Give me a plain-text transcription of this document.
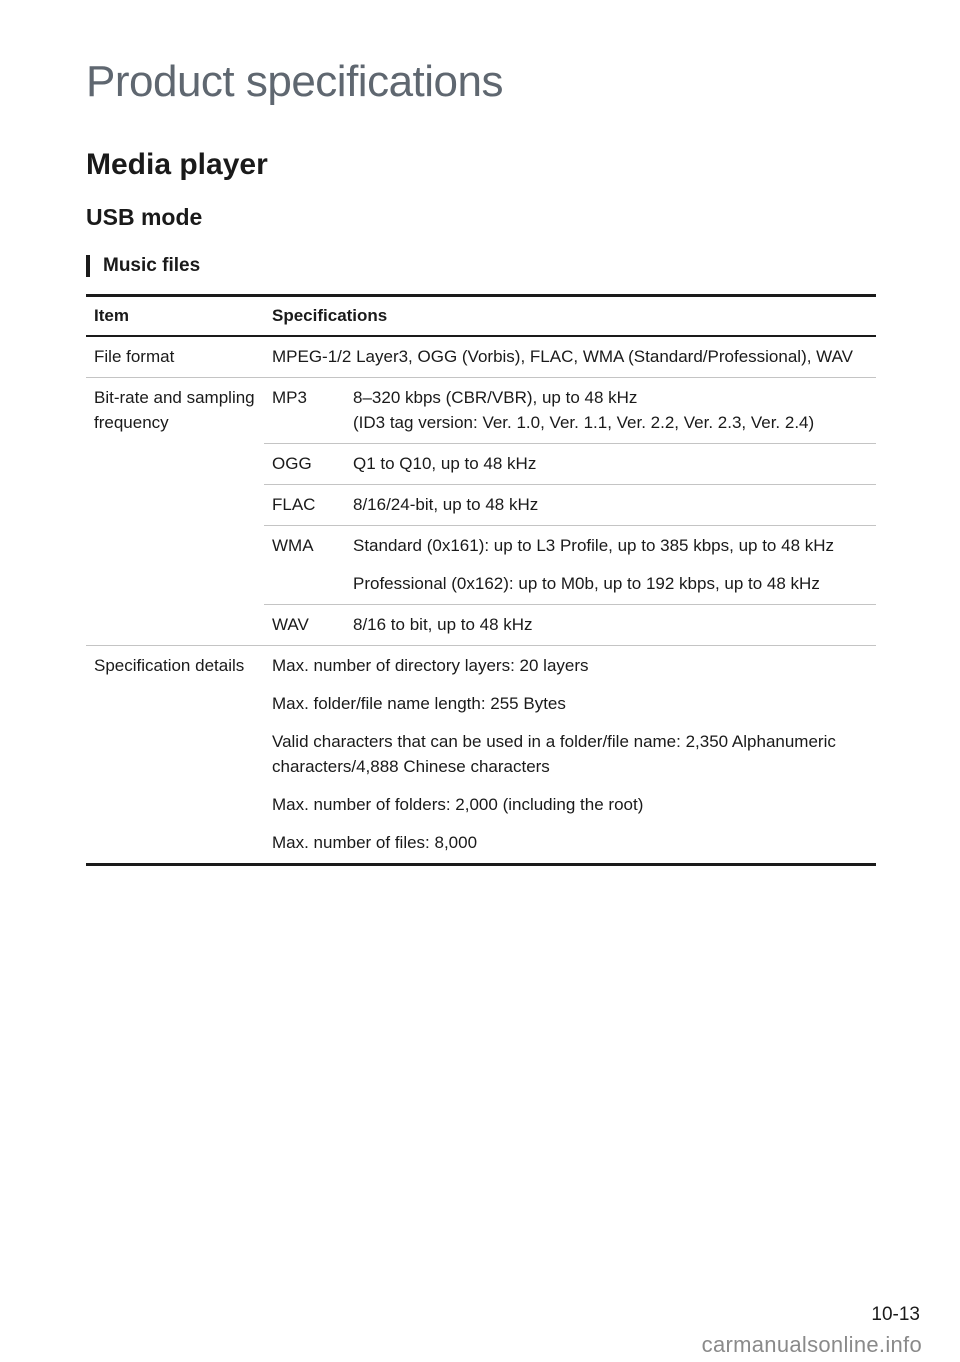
Product specifications
Media player
USB mode
Music files
Item	Specifications	
File format	MPEG-1/2 Layer3, OGG (Vorbis), FLAC, WMA (Standard/Professional), WAV	
Bit-rate and sampling frequency	MP3	8–320 kbps (CBR/VBR), up to 48 kHz
(ID3 tag version: Ver. 1.0, Ver. 1.1, Ver. 2.2, Ver. 2.3, Ver. 2.4)

	OGG	Q1 to Q10, up to 48 kHz

	FLAC	8/16/24-bit, up to 48 kHz

	WMA	Standard (0x161): up to L3 Profile, up to 385 kbps, up to 48 kHz
Professional (0x162): up to M0b, up to 192 kbps, up to 48 kHz

	WAV	8/16 to bit, up to 48 kHz

Specification details	Max. number of directory layers: 20 layers
Max. folder/file name length: 255 Bytes
Valid characters that can be used in a folder/file name: 2,350 Alphanumeric characters/4,888 Chinese characters
Max. number of folders: 2,000 (including the root)
Max. number of files: 8,000	
10-13
carmanualsonline.info
